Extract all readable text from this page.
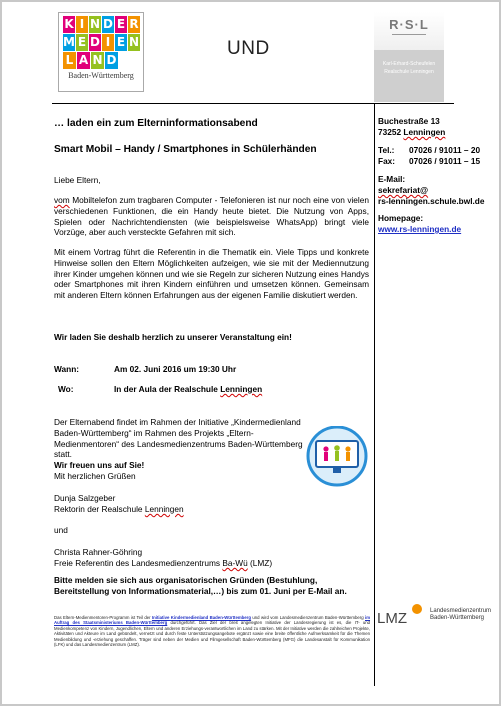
K I N D E R
M E D I E N
L A N D
Baden-Württemberg
UND
R·S·L
Karl-Erhard-Scheufelen Realschule Lenningen
… laden ein zum Elterninformationsabend
Smart Mobil – Handy / Smartphones in Schülerhänden
Liebe Eltern,
vom Mobiltelefon zum tragbaren Computer - Telefonieren ist nur noch eine von vielen verschiedenen Funktionen, die ein Handy heute bietet. Die Nutzung von Apps, Spielen oder Nachrichtendiensten (wie beispielsweise WhatsApp) bringt viele Vorzüge, aber auch versteckte Gefahren mit sich.
Mit einem Vortrag führt die Referentin in die Thematik ein. Viele Tipps und konkrete Hinweise sollen den Eltern Möglichkeiten aufzeigen, wie sie mit der Mediennutzung ihrer Kinder umgehen können und wie sie Regeln zur sicheren Nutzung eines Handys oder Smartphones mit ihren Kindern einführen und umsetzen können. Gemeinsam mit anderen Eltern können Erfahrungen aus der eigenen Familie diskutiert werden.
Wir laden Sie deshalb herzlich zu unserer Veranstaltung ein!
Wann:	Am 02. Juni 2016 um 19:30 Uhr
Wo:	In der Aula der Realschule Lenningen
Der Elternabend findet im Rahmen der Initiative „Kindermedienland Baden-Württemberg“ im Rahmen des Projekts „Eltern-Medienmentoren“ des Landesmedienzentrums Baden-Württemberg statt.
Wir freuen uns auf Sie!
Mit herzlichen Grüßen
Dunja Salzgeber
Rektorin der Realschule Lenningen
und
Christa Rahner-Göhring
Freie Referentin des Landesmedienzentrums Ba-Wü (LMZ)
Bitte melden sie sich aus organisatorischen Gründen (Bestuhlung, Bereitstellung von Informationsmaterial,…) bis zum 01. Juni per E-Mail an.
Buchestraße 13
73252 Lenningen
Tel.: 07026 / 91011 – 20
Fax: 07026 / 91011 – 15
E-Mail:
sekrefariat@
rs-lenningen.schule.bwl.de
Homepage:
www.rs-lenningen.de
Das Eltern-Medienmentoren-Programm ist Teil der Initiative Kindermedienland Baden-Württemberg und wird vom Landesmedienzentrum Baden-Württemberg im Auftrag des Staatsministeriums Baden-Württemberg durchgeführt. Das Ziel der breit angelegten Initiative der Landesregierung ist es, die IT- und Medienkompetenz von Kindern, Jugendlichen, Eltern und anderen Erziehungs-verantwortlichen im Land zu stärken. Mit der Initiative werden die zahlreichen Projekte, Aktivitäten und Akteure im Land gebündelt, vernetzt und durch feste Unterstützungsangebote ergänzt sowie eine breite öffentliche Aufmerksamkeit für die Themen Medienbildung und -erziehung geschaffen. Träger sind neben der Medien und Filmgesellschaft Baden-Württemberg (MFG) die Landesanstalt für Kommunikation (LFK) und das Landesmedienzentrum (LMZ).
LMZ	Landesmedienzentrum
Baden-Württemberg
